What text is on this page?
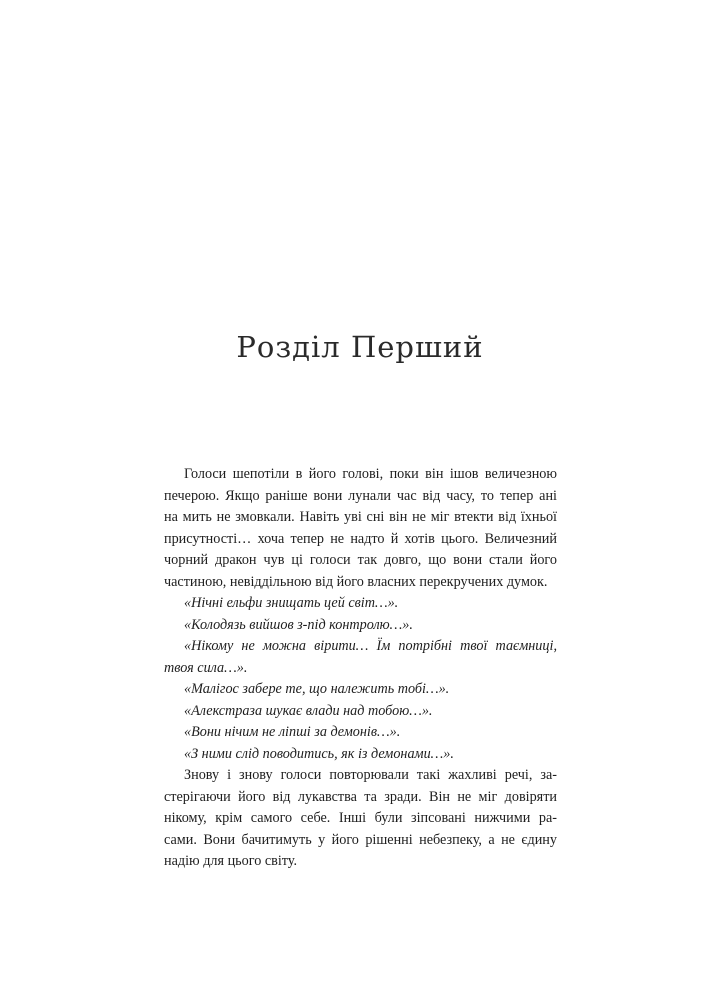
Розділ Перший
Голоси шепотіли в його голові, поки він ішов величезною
печерою. Якщо раніше вони лунали час від часу, то тепер ані
на мить не змовкали. Навіть уві сні він не міг втекти від їхньої
присутності… хоча тепер не надто й хотів цього. Величезний
чорний дракон чув ці голоси так довго, що вони стали його
частиною, невіддільною від його власних перекручених думок.
«Нічні ельфи знищать цей світ…».
«Колодязь вийшов з-під контролю…».
«Нікому не можна вірити… Їм потрібні твої таємниці,
твоя сила…».
«Малігос забере те, що належить тобі…».
«Алекстраза шукає влади над тобою…».
«Вони нічим не ліпші за демонів…».
«З ними слід поводитись, як із демонами…».
Знову і знову голоси повторювали такі жахливі речі, за-
стерігаючи його від лукавства та зради. Він не міг довіряти
нікому, крім самого себе. Інші були зіпсовані нижчими ра-
сами. Вони бачитимуть у його рішенні небезпеку, а не єдину
надію для цього світу.
